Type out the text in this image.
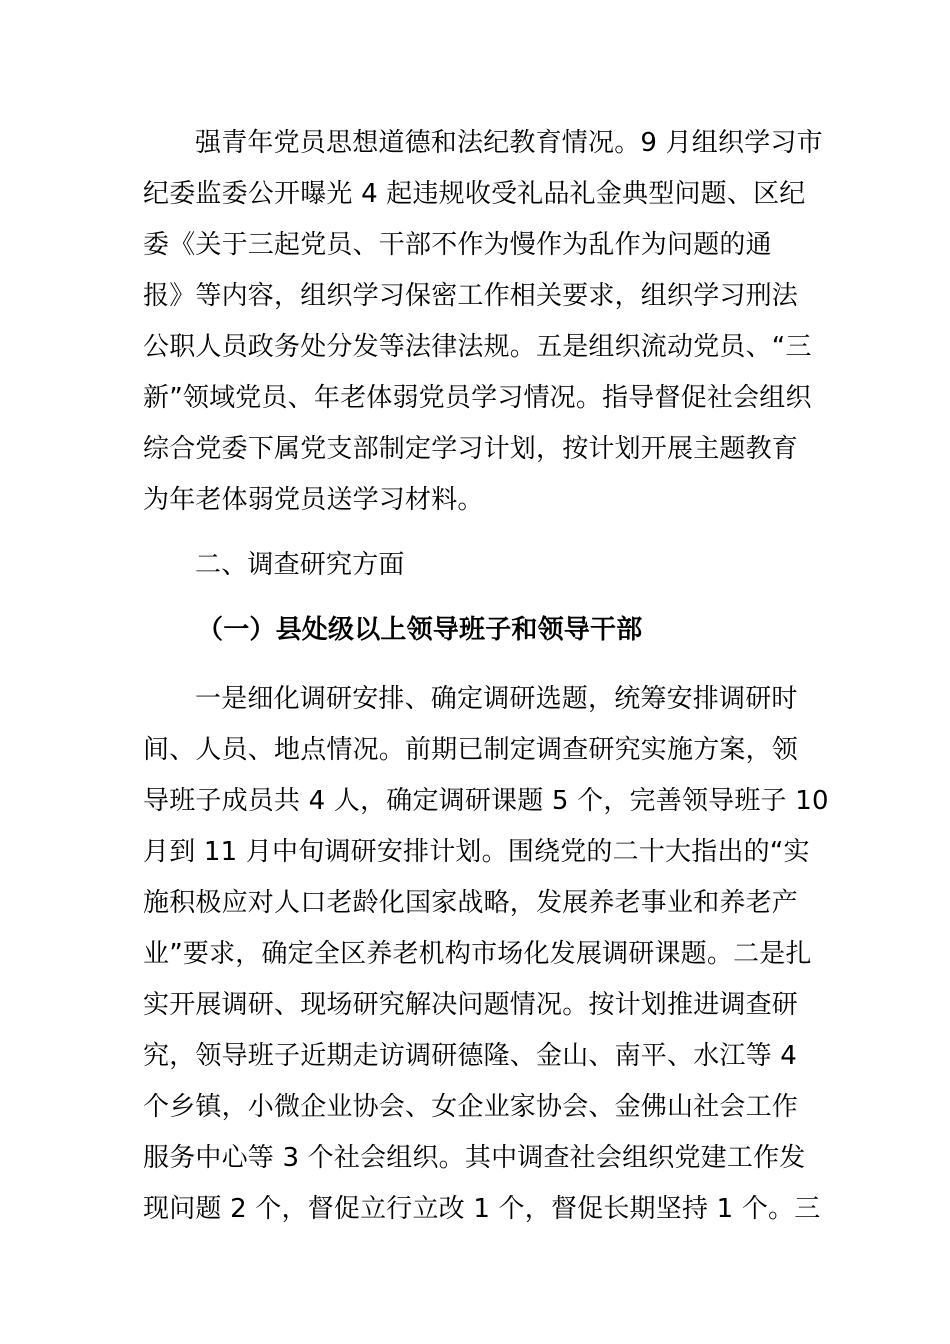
强青年党员思想道德和法纪教育情况。9 月组织学习市
纪委监委公开曝光 4 起违规收受礼品礼金典型问题、区纪
委《关于三起党员、干部不作为慢作为乱作为问题的通
报》等内容，组织学习保密工作相关要求，组织学习刑法
公职人员政务处分发等法律法规。五是组织流动党员、“三
新”领域党员、年老体弱党员学习情况。指导督促社会组织
综合党委下属党支部制定学习计划，按计划开展主题教育
为年老体弱党员送学习材料。
二、调查研究方面
（一）县处级以上领导班子和领导干部
一是细化调研安排、确定调研选题，统筹安排调研时
间、人员、地点情况。前期已制定调查研究实施方案，领
导班子成员共 4 人，确定调研课题 5 个，完善领导班子 10
月到 11 月中旬调研安排计划。围绕党的二十大指出的“实
施积极应对人口老龄化国家战略，发展养老事业和养老产
业”要求，确定全区养老机构市场化发展调研课题。二是扎
实开展调研、现场研究解决问题情况。按计划推进调查研
究，领导班子近期走访调研德隆、金山、南平、水江等 4
个乡镇，小微企业协会、女企业家协会、金佛山社会工作
服务中心等 3 个社会组织。其中调查社会组织党建工作发
现问题 2 个，督促立行立改 1 个，督促长期坚持 1 个。三
